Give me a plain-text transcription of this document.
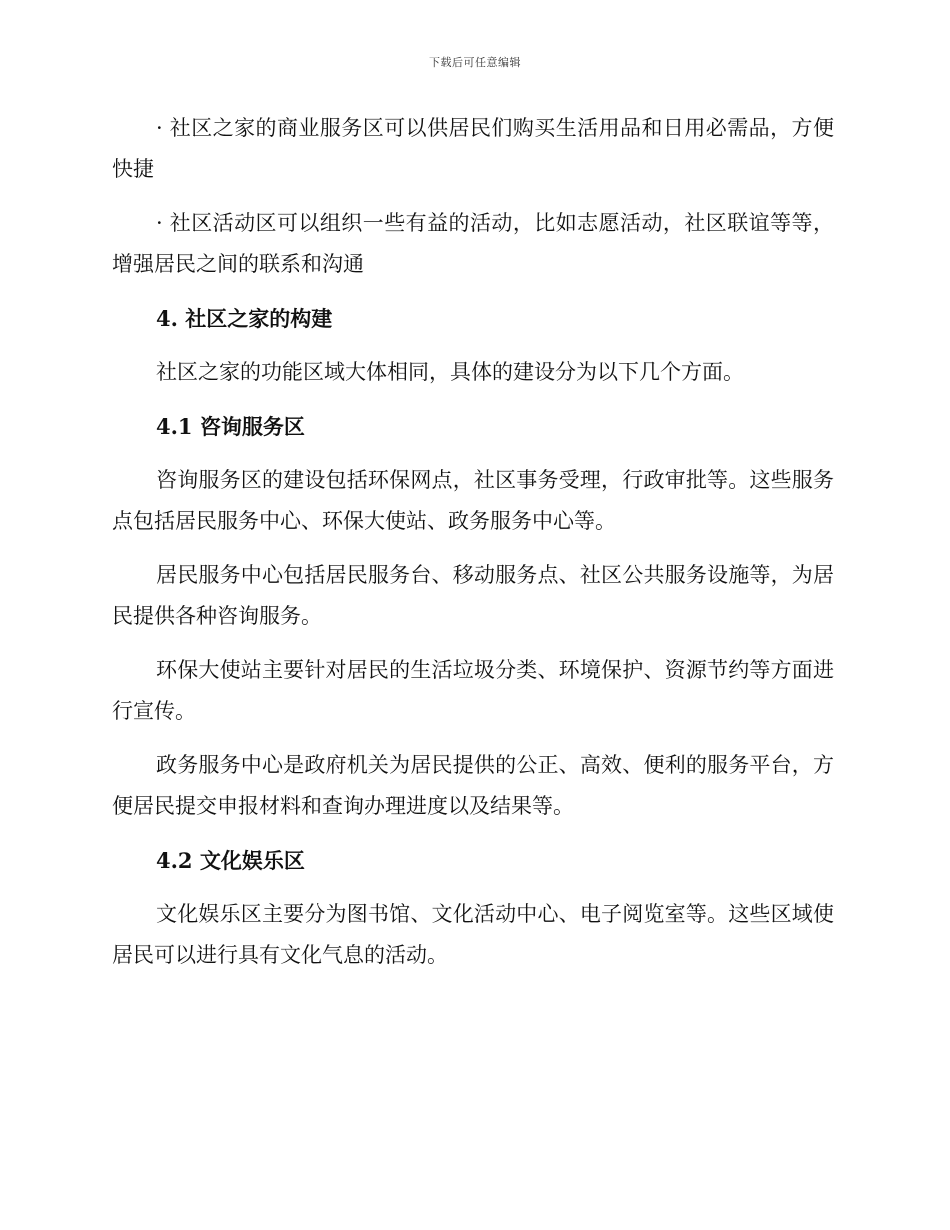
下载后可任意编辑

· 社区之家的商业服务区可以供居民们购买生活用品和日用必需品，方便快捷

· 社区活动区可以组织一些有益的活动，比如志愿活动，社区联谊等等，增强居民之间的联系和沟通

4. 社区之家的构建

社区之家的功能区域大体相同，具体的建设分为以下几个方面。

4.1 咨询服务区

咨询服务区的建设包括环保网点，社区事务受理，行政审批等。这些服务点包括居民服务中心、环保大使站、政务服务中心等。

居民服务中心包括居民服务台、移动服务点、社区公共服务设施等，为居民提供各种咨询服务。

环保大使站主要针对居民的生活垃圾分类、环境保护、资源节约等方面进行宣传。

政务服务中心是政府机关为居民提供的公正、高效、便利的服务平台，方便居民提交申报材料和查询办理进度以及结果等。

4.2 文化娱乐区

文化娱乐区主要分为图书馆、文化活动中心、电子阅览室等。这些区域使居民可以进行具有文化气息的活动。
